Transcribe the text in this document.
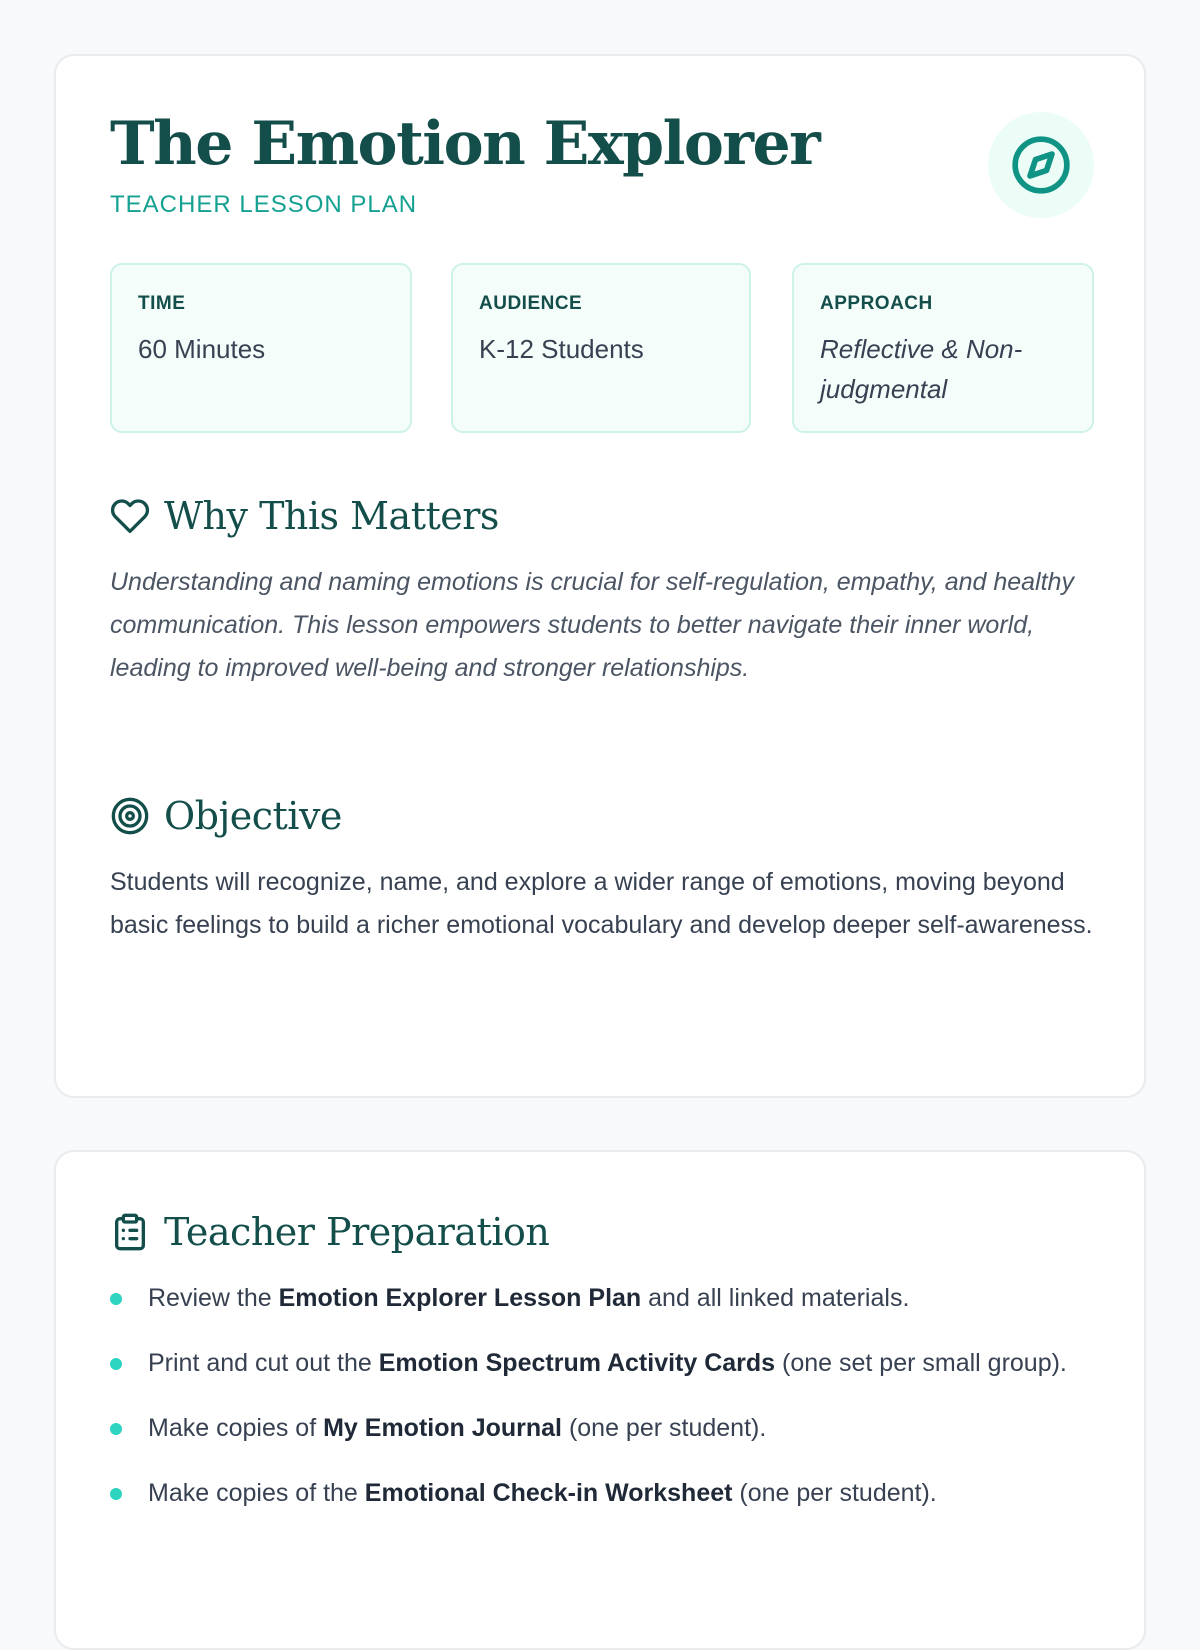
The Emotion Explorer
TEACHER LESSON PLAN
TIME
60 Minutes
AUDIENCE
K-12 Students
APPROACH
Reflective & Non-judgmental
Why This Matters

Understanding and naming emotions is crucial for self-regulation, empathy, and healthy communication. This lesson empowers students to better navigate their inner world, leading to improved well-being and stronger relationships.

Objective

Students will recognize, name, and explore a wider range of emotions, moving beyond basic feelings to build a richer emotional vocabulary and develop deeper self-awareness.

Teacher Preparation
Review the Emotion Explorer Lesson Plan and all linked materials.
Print and cut out the Emotion Spectrum Activity Cards (one set per small group).
Make copies of My Emotion Journal (one per student).
Make copies of the Emotional Check-in Worksheet (one per student).
